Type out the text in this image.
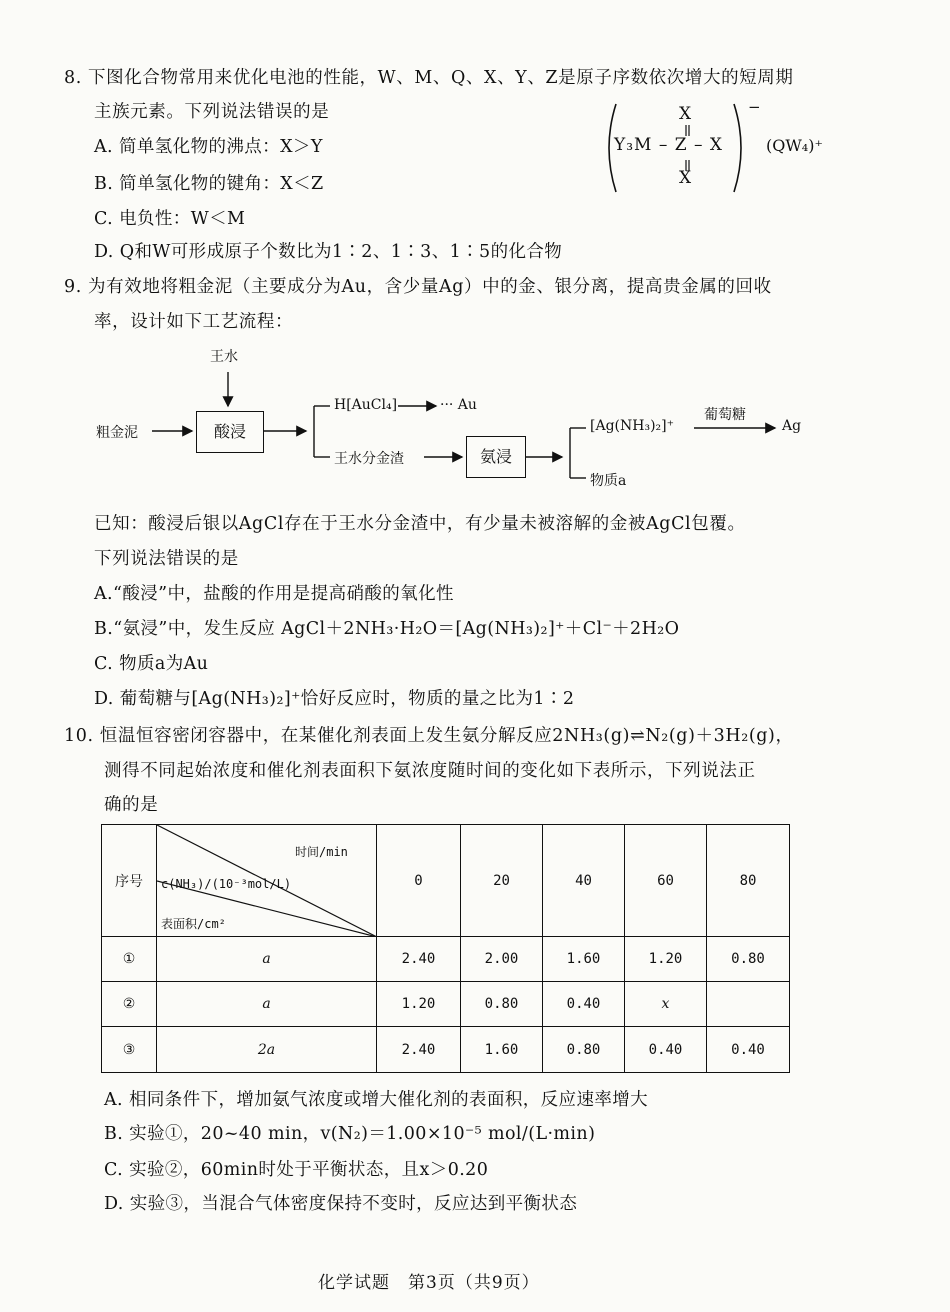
8. 下图化合物常用来优化电池的性能，W、M、Q、X、Y、Z是原子序数依次增大的短周期
主族元素。下列说法错误的是
A. 简单氢化物的沸点：X＞Y
B. 简单氢化物的键角：X＜Z
C. 电负性：W＜M
D. Q和W可形成原子个数比为1∶2、1∶3、1∶5的化合物
X
Y₃M – Z – X
X
−
(QW₄)⁺
9. 为有效地将粗金泥（主要成分为Au，含少量Ag）中的金、银分离，提高贵金属的回收
率，设计如下工艺流程：
王水
粗金泥	酸浸
H[AuCl₄]	··· Au
王水分金渣	氨浸
[Ag(NH₃)₂]⁺
葡萄糖
Ag
物质a
已知：酸浸后银以AgCl存在于王水分金渣中，有少量未被溶解的金被AgCl包覆。
下列说法错误的是
A.“酸浸”中，盐酸的作用是提高硝酸的氧化性
B.“氨浸”中，发生反应 AgCl＋2NH₃·H₂O＝[Ag(NH₃)₂]⁺＋Cl⁻＋2H₂O
C. 物质a为Au
D. 葡萄糖与[Ag(NH₃)₂]⁺恰好反应时，物质的量之比为1∶2
10. 恒温恒容密闭容器中，在某催化剂表面上发生氨分解反应2NH₃(g)⇌N₂(g)＋3H₂(g)，
测得不同起始浓度和催化剂表面积下氨浓度随时间的变化如下表所示，下列说法正
确的是
序号	时间/min
c(NH₃)/(10⁻³mol/L)
表面积/cm²	0	20	40	60	80
①	a	2.40	2.00	1.60	1.20	0.80
②	a	1.20	0.80	0.40	x	
③	2a	2.40	1.60	0.80	0.40	0.40
A. 相同条件下，增加氨气浓度或增大催化剂的表面积，反应速率增大
B. 实验①，20~40 min，v(N₂)＝1.00×10⁻⁵ mol/(L·min)
C. 实验②，60min时处于平衡状态，且x＞0.20
D. 实验③，当混合气体密度保持不变时，反应达到平衡状态
化学试题　第3页（共9页）
